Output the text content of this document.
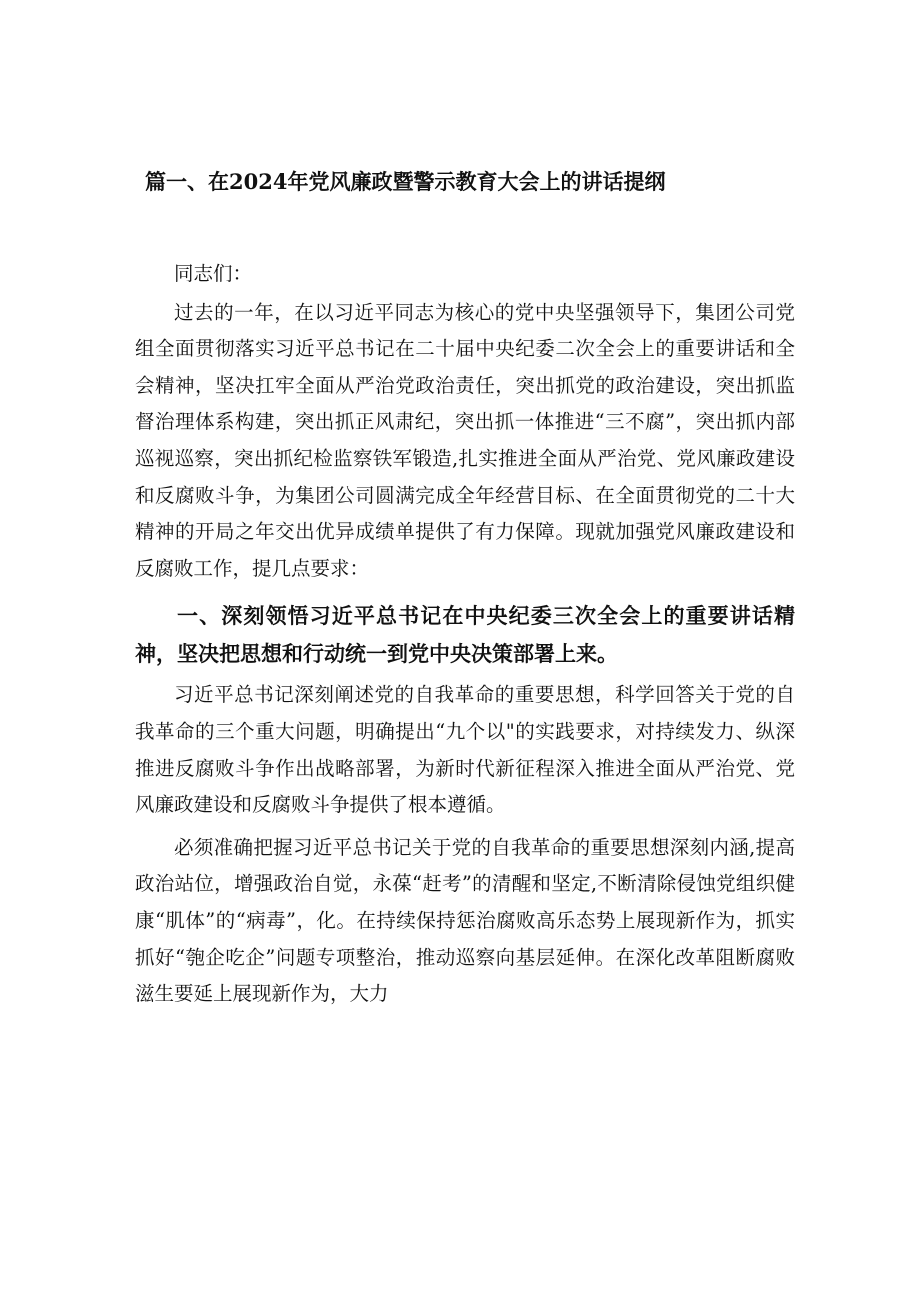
篇一、在2024年党风廉政暨警示教育大会上的讲话提纲

同志们：

过去的一年，在以习近平同志为核心的党中央坚强领导下，集团公司党组全面贯彻落实习近平总书记在二十届中央纪委二次全会上的重要讲话和全会精神，坚决扛牢全面从严治党政治责任，突出抓党的政治建设，突出抓监督治理体系构建，突出抓正风肃纪，突出抓一体推进“三不腐”，突出抓内部巡视巡察，突出抓纪检监察铁军锻造,扎实推进全面从严治党、党风廉政建设和反腐败斗争，为集团公司圆满完成全年经营目标、在全面贯彻党的二十大精神的开局之年交出优异成绩单提供了有力保障。现就加强党风廉政建设和反腐败工作，提几点要求：

一、深刻领悟习近平总书记在中央纪委三次全会上的重要讲话精神，坚决把思想和行动统一到党中央决策部署上来。

习近平总书记深刻阐述党的自我革命的重要思想，科学回答关于党的自我革命的三个重大问题，明确提出“九个以"的实践要求，对持续发力、纵深推进反腐败斗争作出战略部署，为新时代新征程深入推进全面从严治党、党风廉政建设和反腐败斗争提供了根本遵循。

必须准确把握习近平总书记关于党的自我革命的重要思想深刻内涵,提高政治站位，增强政治自觉，永葆“赶考”的清醒和坚定,不断清除侵蚀党组织健康“肌体”的“病毒”，化。在持续保持惩治腐败高乐态势上展现新作为，抓实抓好“匏企吃企”问题专项整治，推动巡察向基层延伸。在深化改革阻断腐败滋生要延上展现新作为，大力
